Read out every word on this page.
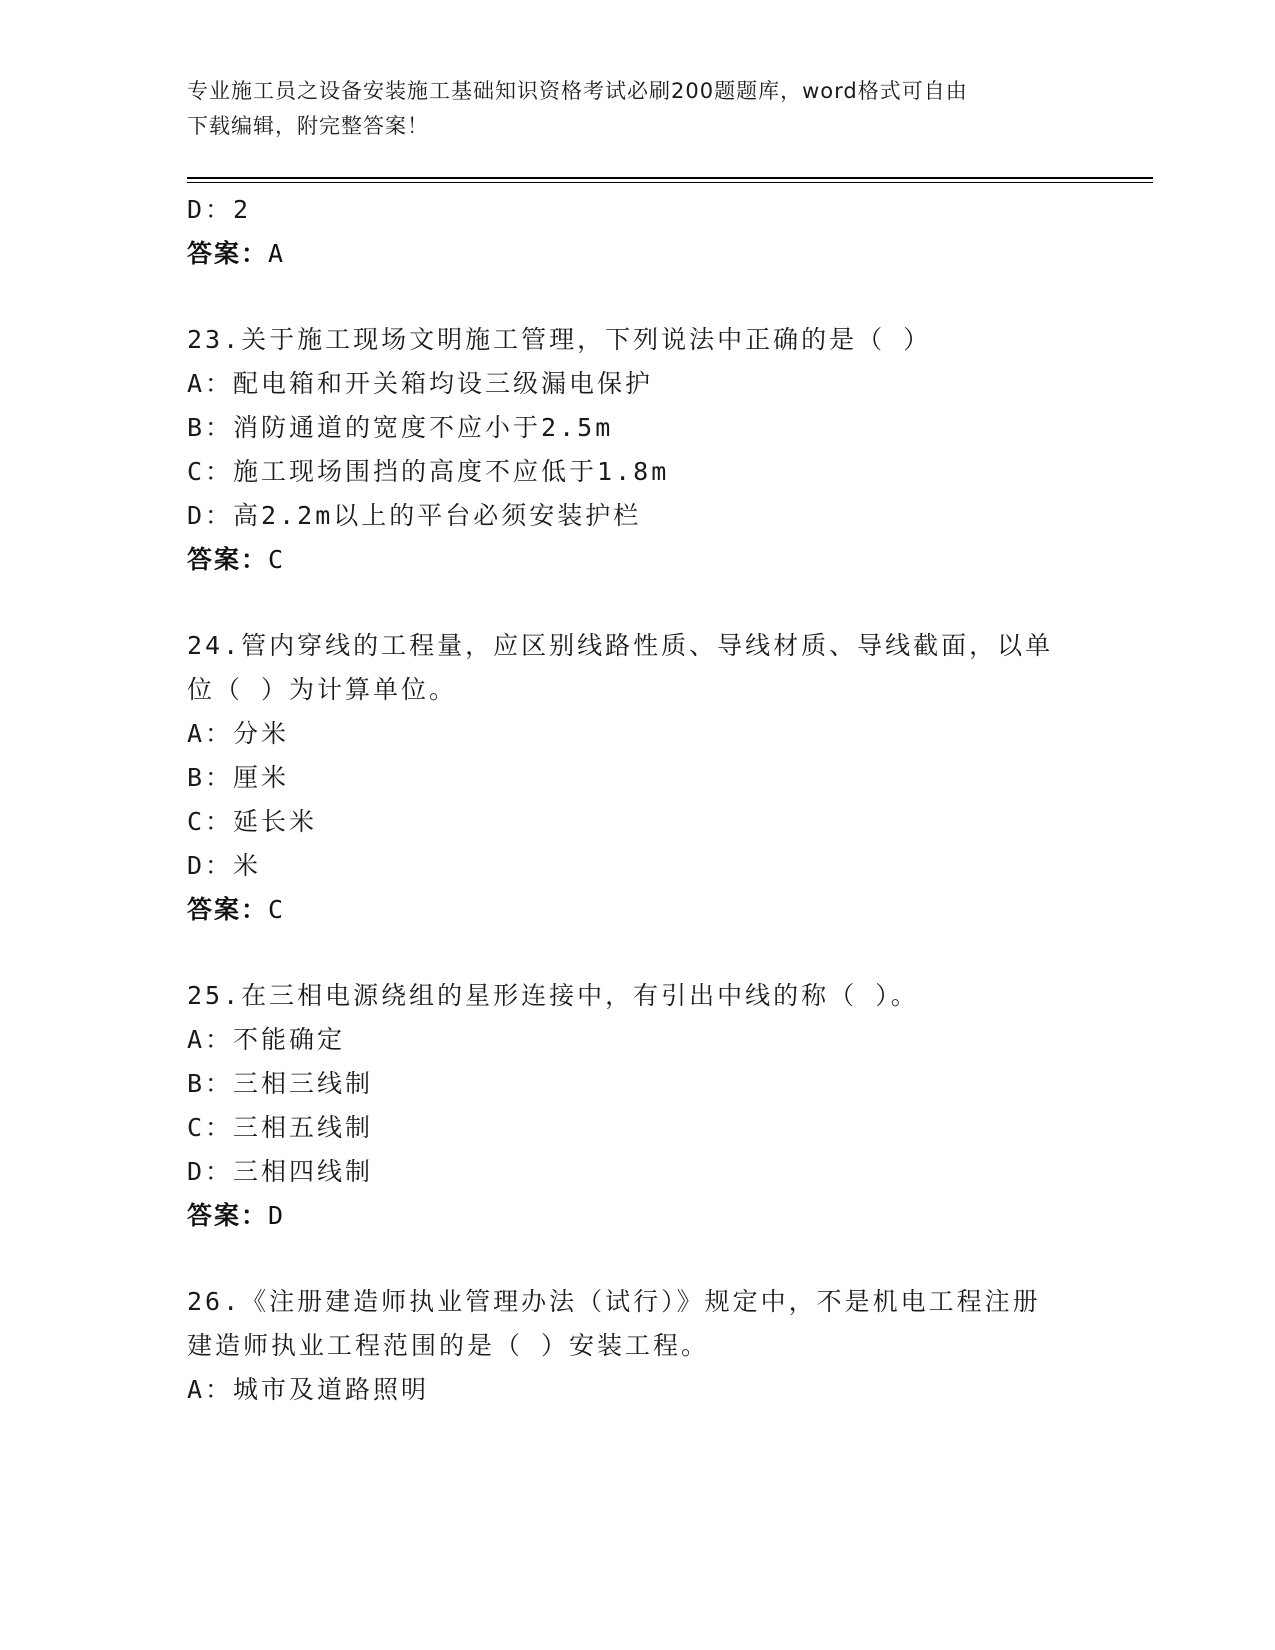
专业施工员之设备安装施工基础知识资格考试必刷200题题库，word格式可自由
下载编辑，附完整答案！
D：2
答案：A
23.关于施工现场文明施工管理，下列说法中正确的是（ ）
A：配电箱和开关箱均设三级漏电保护
B：消防通道的宽度不应小于2.5m
C：施工现场围挡的高度不应低于1.8m
D：高2.2m以上的平台必须安装护栏
答案：C
24.管内穿线的工程量，应区别线路性质、导线材质、导线截面，以单
位（ ）为计算单位。
A：分米
B：厘米
C：延长米
D：米
答案：C
25.在三相电源绕组的星形连接中，有引出中线的称（ ）。
A：不能确定
B：三相三线制
C：三相五线制
D：三相四线制
答案：D
26.《注册建造师执业管理办法（试行）》规定中，不是机电工程注册
建造师执业工程范围的是（ ）安装工程。
A：城市及道路照明
